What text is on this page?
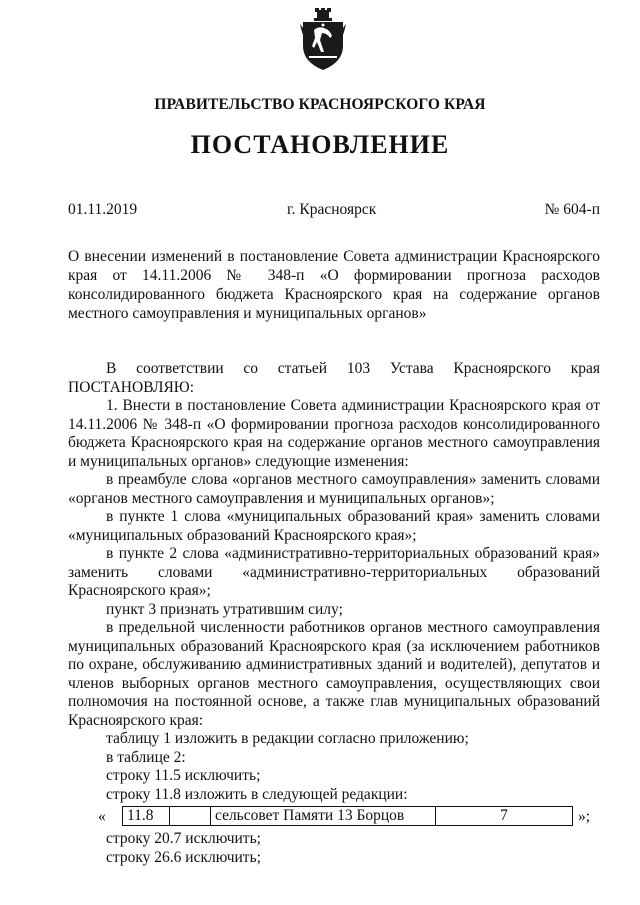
ПРАВИТЕЛЬСТВО КРАСНОЯРСКОГО КРАЯ
ПОСТАНОВЛЕНИЕ
01.11.2019	г. Красноярск	№ 604-п
О внесении изменений в постановление Совета администрации Красноярского края от 14.11.2006 № 348-п «О формировании прогноза расходов консолидированного бюджета Красноярского края на содержание органов местного самоуправления и муниципальных органов»

В соответствии со статьей 103 Устава Красноярского края

ПОСТАНОВЛЯЮ:

1. Внести в постановление Совета администрации Красноярского края от 14.11.2006 № 348-п «О формировании прогноза расходов консолидированного бюджета Красноярского края на содержание органов местного самоуправления и муниципальных органов» следующие изменения:

в преамбуле слова «органов местного самоуправления» заменить словами «органов местного самоуправления и муниципальных органов»;

в пункте 1 слова «муниципальных образований края» заменить словами «муниципальных образований Красноярского края»;

в пункте 2 слова «административно-территориальных образований края» заменить словами «административно-территориальных образований Красноярского края»;

пункт 3 признать утратившим силу;

в предельной численности работников органов местного самоуправления муниципальных образований Красноярского края (за исключением работников по охране, обслуживанию административных зданий и водителей), депутатов и членов выборных органов местного самоуправления, осуществляющих свои полномочия на постоянной основе, а также глав муниципальных образований Красноярского края:

таблицу 1 изложить в редакции согласно приложению;

в таблице 2:

строку 11.5 исключить;

строку 11.8 изложить в следующей редакции:

« 11.8		сельсовет Памяти 13 Борцов	7	»;

строку 20.7 исключить;

строку 26.6 исключить;
